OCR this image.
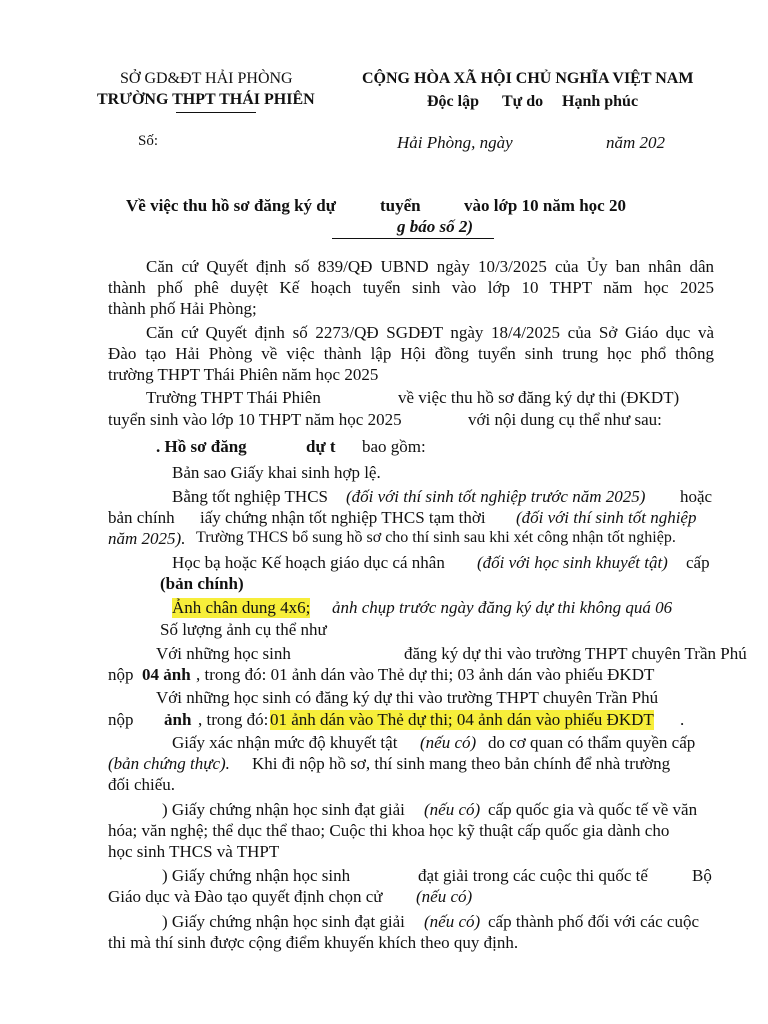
SỞ GD&ĐT HẢI PHÒNG
TRƯỜNG THPT THÁI PHIÊN
CỘNG HÒA XÃ HỘI CHỦ NGHĨA VIỆT NAM
Độc lập Tự do Hạnh phúc
Số:	Hải Phòng, ngày	năm 202
Về việc thu hồ sơ đăng ký dự	tuyển	vào lớp 10 năm học 20
g báo số 2)
Căn cứ Quyết định số 839/QĐ UBND ngày 10/3/2025 của Ủy ban nhân dân
thành phố phê duyệt Kế hoạch tuyển sinh vào lớp 10 THPT năm học 2025
thành phố Hải Phòng;
Căn cứ Quyết định số 2273/QĐ SGDĐT ngày 18/4/2025 của Sở Giáo dục và
Đào tạo Hải Phòng về việc thành lập Hội đồng tuyển sinh trung học phổ thông
trường THPT Thái Phiên năm học 2025
Trường THPT Thái Phiên	về việc thu hồ sơ đăng ký dự thi (ĐKDT)
tuyển sinh vào lớp 10 THPT năm học 2025	với nội dung cụ thể như sau:
. Hồ sơ đăng	dự t bao gồm:
Bản sao Giấy khai sinh hợp lệ.
Bằng tốt nghiệp THCS (đối với thí sinh tốt nghiệp trước năm 2025) hoặc
bản chính iấy chứng nhận tốt nghiệp THCS tạm thời (đối với thí sinh tốt nghiệp
năm 2025). Trường THCS bổ sung hồ sơ cho thí sinh sau khi xét công nhận tốt nghiệp.
Học bạ hoặc Kế hoạch giáo dục cá nhân (đối với học sinh khuyết tật) cấp
(bản chính)
Ảnh chân dung 4x6; ảnh chụp trước ngày đăng ký dự thi không quá 06
Số lượng ảnh cụ thể như
Với những học sinh	đăng ký dự thi vào trường THPT chuyên Trần Phú
nộp 04 ảnh , trong đó: 01 ảnh dán vào Thẻ dự thi; 03 ảnh dán vào phiếu ĐKDT
Với những học sinh có đăng ký dự thi vào trường THPT chuyên Trần Phú
nộp ảnh , trong đó: 01 ảnh dán vào Thẻ dự thi; 04 ảnh dán vào phiếu ĐKDT .
Giấy xác nhận mức độ khuyết tật (nếu có) do cơ quan có thẩm quyền cấp
(bản chứng thực). Khi đi nộp hồ sơ, thí sinh mang theo bản chính để nhà trường
đối chiếu.
) Giấy chứng nhận học sinh đạt giải (nếu có) cấp quốc gia và quốc tế về văn
hóa; văn nghệ; thể dục thể thao; Cuộc thi khoa học kỹ thuật cấp quốc gia dành cho
học sinh THCS và THPT
) Giấy chứng nhận học sinh	đạt giải trong các cuộc thi quốc tế	Bộ
Giáo dục và Đào tạo quyết định chọn cử (nếu có)
) Giấy chứng nhận học sinh đạt giải (nếu có) cấp thành phố đối với các cuộc
thi mà thí sinh được cộng điểm khuyến khích theo quy định.
